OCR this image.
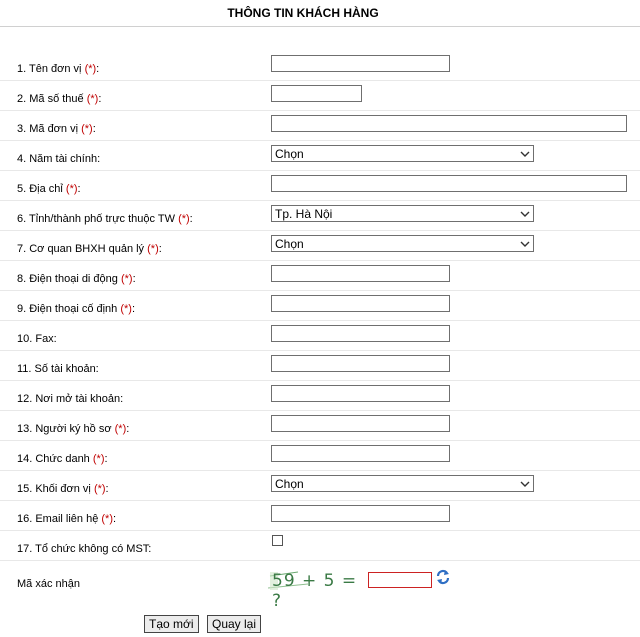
THÔNG TIN KHÁCH HÀNG
1. Tên đơn vị (*):
2. Mã số thuế (*):
3. Mã đơn vị (*):
4. Năm tài chính:	Chọn
5. Địa chỉ (*):
6. Tỉnh/thành phố trực thuộc TW (*):	Tp. Hà Nội
7. Cơ quan BHXH quản lý (*):	Chọn
8. Điện thoại di động (*):
9. Điện thoại cố định (*):
10. Fax:
11. Số tài khoản:
12. Nơi mở tài khoản:
13. Người ký hồ sơ (*):
14. Chức danh (*):
15. Khối đơn vị (*):	Chọn
16. Email liên hệ (*):
17. Tổ chức không có MST:
Mã xác nhận	59 + 5 = ?
Tạo mới	Quay lại
